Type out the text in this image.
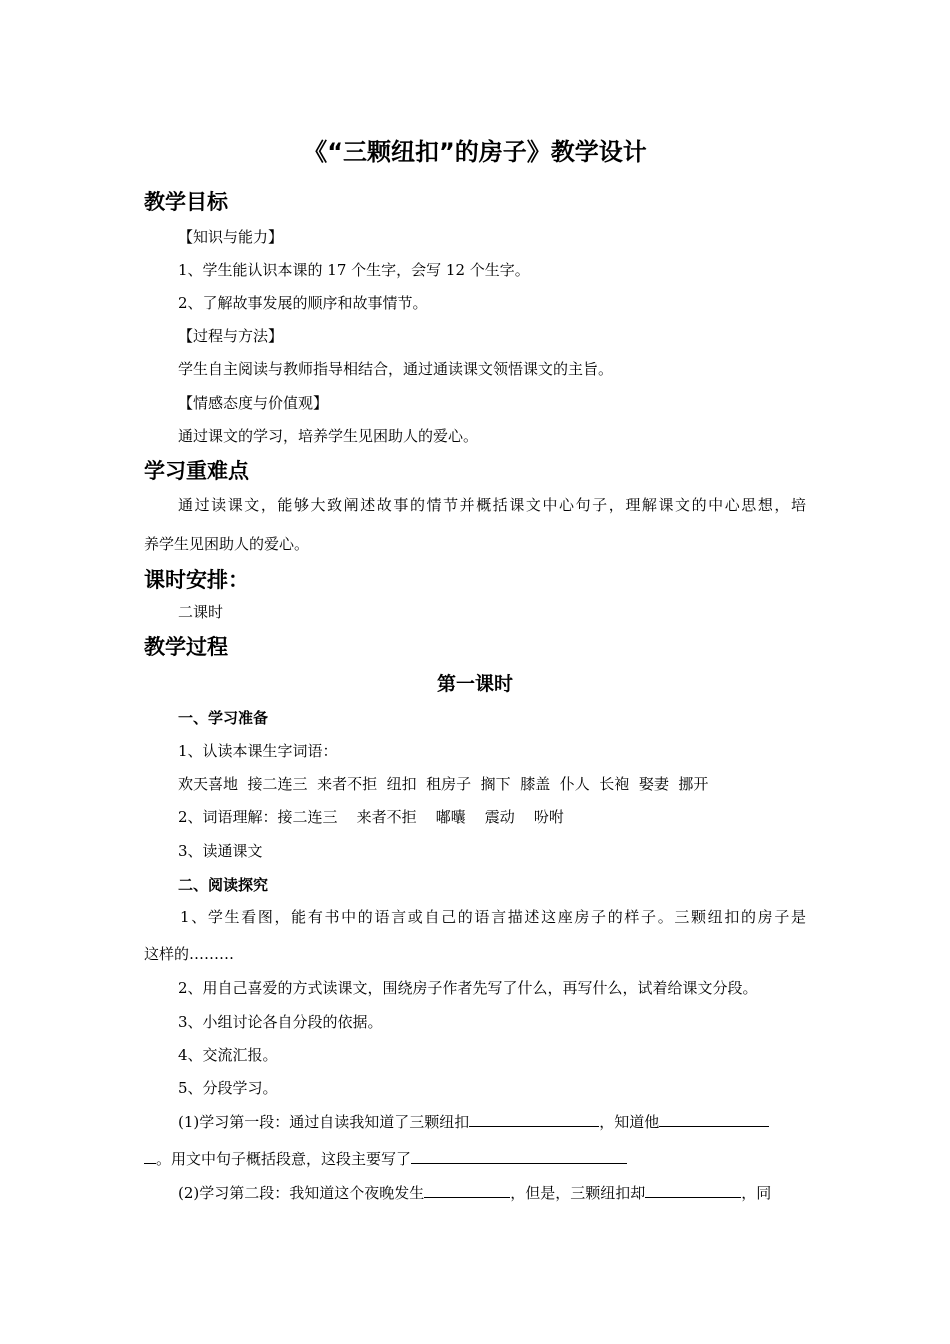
《“三颗纽扣”的房子》教学设计
教学目标
【知识与能力】
1、学生能认识本课的 17 个生字，会写 12 个生字。
2、了解故事发展的顺序和故事情节。
【过程与方法】
学生自主阅读与教师指导相结合，通过通读课文领悟课文的主旨。
【情感态度与价值观】
通过课文的学习，培养学生见困助人的爱心。
学习重难点
通过读课文，能够大致阐述故事的情节并概括课文中心句子，理解课文的中心思想，培
养学生见困助人的爱心。
课时安排：
二课时
教学过程
第一课时
一、学习准备
1、认读本课生字词语：
欢天喜地  接二连三  来者不拒  纽扣  租房子  搁下  膝盖  仆人  长袍  娶妻  挪开
2、词语理解：接二连三    来者不拒    嘟囔    震动    吩咐
3、读通课文
二、阅读探究
1、学生看图，能有书中的语言或自己的语言描述这座房子的样子。三颗纽扣的房子是
这样的………
2、用自己喜爱的方式读课文，围绕房子作者先写了什么，再写什么，试着给课文分段。
3、小组讨论各自分段的依据。
4、交流汇报。
5、分段学习。
(1)学习第一段：通过自读我知道了三颗纽扣	，知道他
。用文中句子概括段意，这段主要写了
(2)学习第二段：我知道这个夜晚发生	，但是，三颗纽扣却	，同
